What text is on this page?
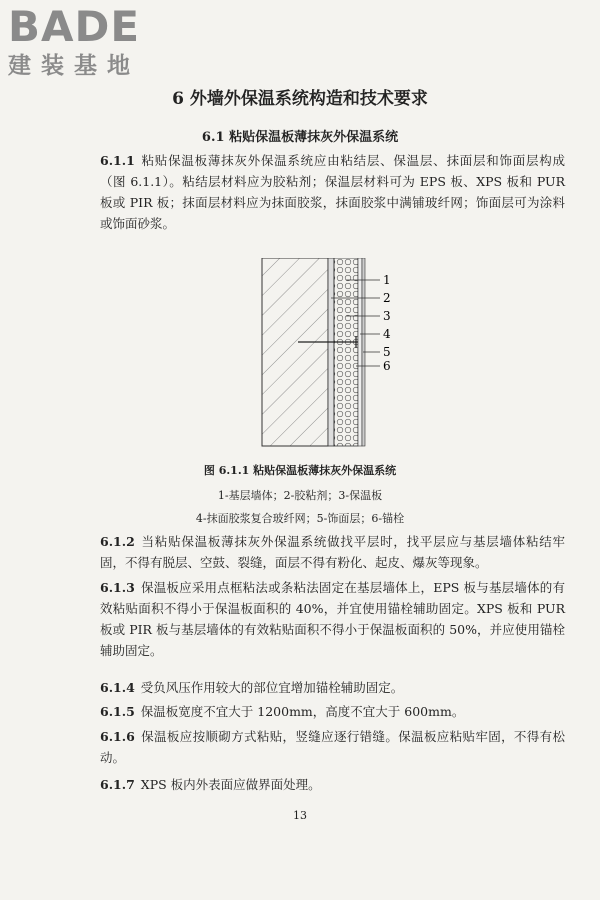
BADE
建装基地
6 外墙外保温系统构造和技术要求
6.1 粘贴保温板薄抹灰外保温系统
6.1.1 粘贴保温板薄抹灰外保温系统应由粘结层、保温层、抹面层和饰面层构成（图 6.1.1）。粘结层材料应为胶粘剂；保温层材料可为 EPS 板、XPS 板和 PUR 板或 PIR 板；抹面层材料应为抹面胶浆，抹面胶浆中满铺玻纤网；饰面层可为涂料或饰面砂浆。
1
2
3
4
5
6
图 6.1.1 粘贴保温板薄抹灰外保温系统
1-基层墙体；2-胶粘剂；3-保温板
4-抹面胶浆复合玻纤网；5-饰面层；6-锚栓
6.1.2 当粘贴保温板薄抹灰外保温系统做找平层时，找平层应与基层墙体粘结牢固，不得有脱层、空鼓、裂缝，面层不得有粉化、起皮、爆灰等现象。
6.1.3 保温板应采用点框粘法或条粘法固定在基层墙体上，EPS 板与基层墙体的有效粘贴面积不得小于保温板面积的 40%，并宜使用锚栓辅助固定。XPS 板和 PUR 板或 PIR 板与基层墙体的有效粘贴面积不得小于保温板面积的 50%，并应使用锚栓辅助固定。
6.1.4 受负风压作用较大的部位宜增加锚栓辅助固定。
6.1.5 保温板宽度不宜大于 1200mm，高度不宜大于 600mm。
6.1.6 保温板应按顺砌方式粘贴，竖缝应逐行错缝。保温板应粘贴牢固，不得有松动。
6.1.7 XPS 板内外表面应做界面处理。
13
